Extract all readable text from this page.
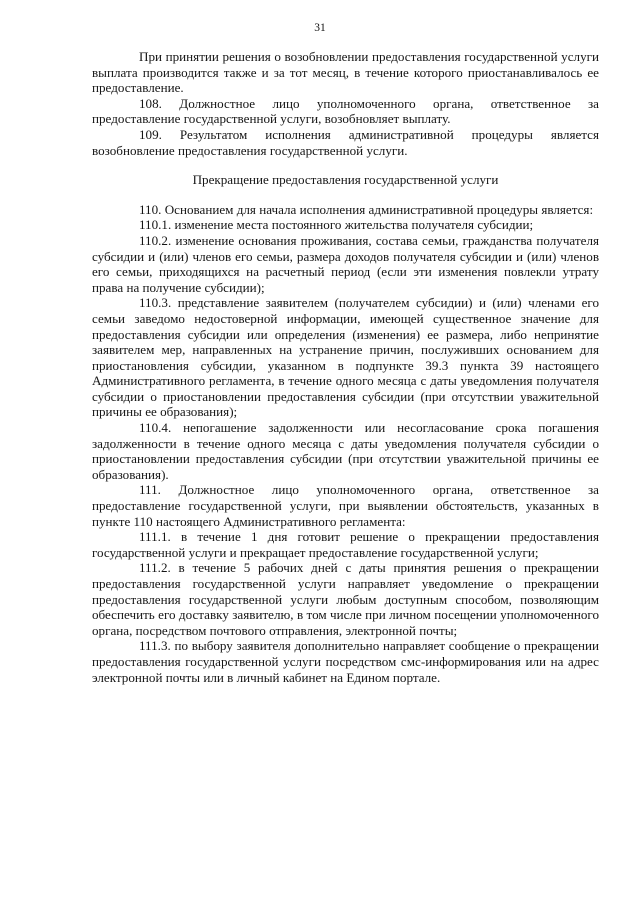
31

При принятии решения о возобновлении предоставления государственной услуги выплата производится также и за тот месяц, в течение которого приостанавливалось ее предоставление.

108. Должностное лицо уполномоченного органа, ответственное за предоставление государственной услуги, возобновляет выплату.

109. Результатом исполнения административной процедуры является возобновление предоставления государственной услуги.

Прекращение предоставления государственной услуги

110. Основанием для начала исполнения административной процедуры является:

110.1. изменение места постоянного жительства получателя субсидии;

110.2. изменение основания проживания, состава семьи, гражданства получателя субсидии и (или) членов его семьи, размера доходов получателя субсидии и (или) членов его семьи, приходящихся на расчетный период (если эти изменения повлекли утрату права на получение субсидии);

110.3. представление заявителем (получателем субсидии) и (или) членами его семьи заведомо недостоверной информации, имеющей существенное значение для предоставления субсидии или определения (изменения) ее размера, либо непринятие заявителем мер, направленных на устранение причин, послуживших основанием для приостановления субсидии, указанном в подпункте 39.3 пункта 39 настоящего Административного регламента, в течение одного месяца с даты уведомления получателя субсидии о приостановлении предоставления субсидии (при отсутствии уважительной причины ее образования);

110.4. непогашение задолженности или несогласование срока погашения задолженности в течение одного месяца с даты уведомления получателя субсидии о приостановлении предоставления субсидии (при отсутствии уважительной причины ее образования).

111. Должностное лицо уполномоченного органа, ответственное за предоставление государственной услуги, при выявлении обстоятельств, указанных в пункте 110 настоящего Административного регламента:

111.1. в течение 1 дня готовит решение о прекращении предоставления государственной услуги и прекращает предоставление государственной услуги;

111.2. в течение 5 рабочих дней с даты принятия решения о прекращении предоставления государственной услуги направляет уведомление о прекращении предоставления государственной услуги любым доступным способом, позволяющим обеспечить его доставку заявителю, в том числе при личном посещении уполномоченного органа, посредством почтового отправления, электронной почты;

111.3. по выбору заявителя дополнительно направляет сообщение о прекращении предоставления государственной услуги посредством смс-информирования или на адрес электронной почты или в личный кабинет на Едином портале.
